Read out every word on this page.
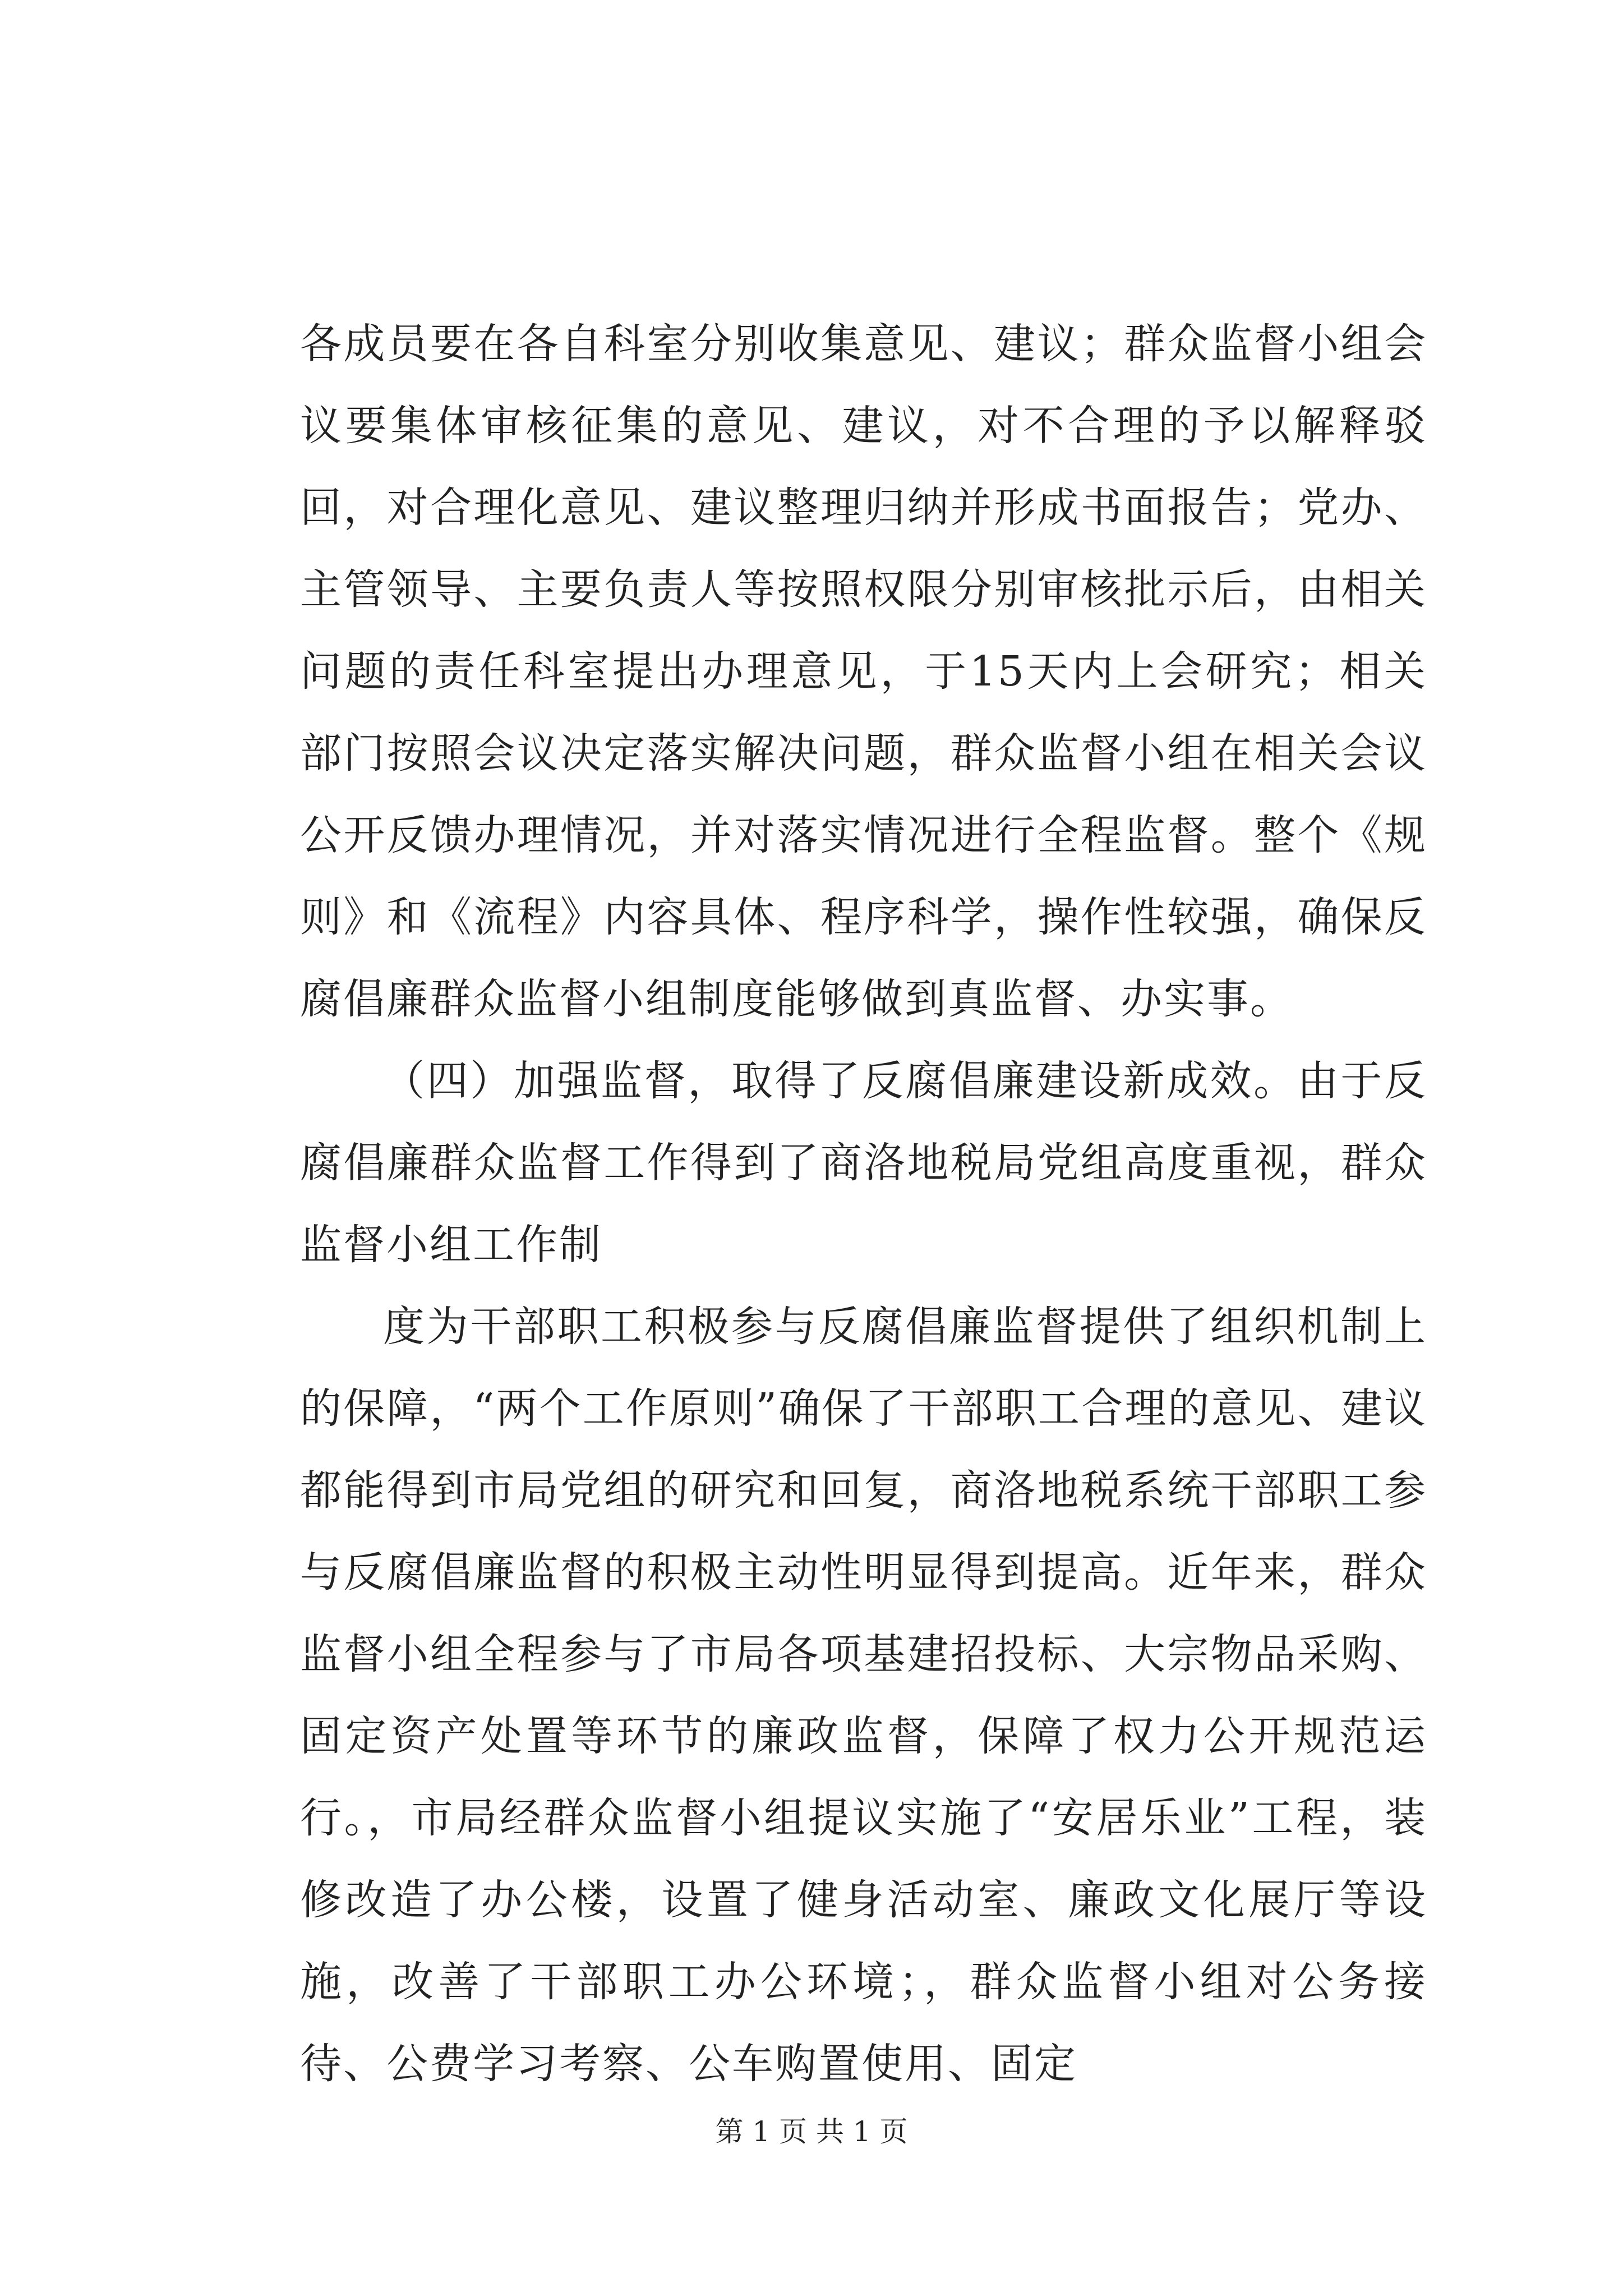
各成员要在各自科室分别收集意见、建议；群众监督小组会议要集体审核征集的意见、建议，对不合理的予以解释驳回，对合理化意见、建议整理归纳并形成书面报告；党办、主管领导、主要负责人等按照权限分别审核批示后，由相关问题的责任科室提出办理意见，于15天内上会研究；相关部门按照会议决定落实解决问题，群众监督小组在相关会议公开反馈办理情况，并对落实情况进行全程监督。整个《规则》和《流程》内容具体、程序科学，操作性较强，确保反腐倡廉群众监督小组制度能够做到真监督、办实事。

（四）加强监督，取得了反腐倡廉建设新成效。由于反腐倡廉群众监督工作得到了商洛地税局党组高度重视，群众监督小组工作制

度为干部职工积极参与反腐倡廉监督提供了组织机制上的保障，“两个工作原则”确保了干部职工合理的意见、建议都能得到市局党组的研究和回复，商洛地税系统干部职工参与反腐倡廉监督的积极主动性明显得到提高。近年来，群众监督小组全程参与了市局各项基建招投标、大宗物品采购、固定资产处置等环节的廉政监督，保障了权力公开规范运行。，市局经群众监督小组提议实施了“安居乐业”工程，装修改造了办公楼，设置了健身活动室、廉政文化展厅等设施，改善了干部职工办公环境；，群众监督小组对公务接待、公费学习考察、公车购置使用、固定

第 1 页 共 1 页
